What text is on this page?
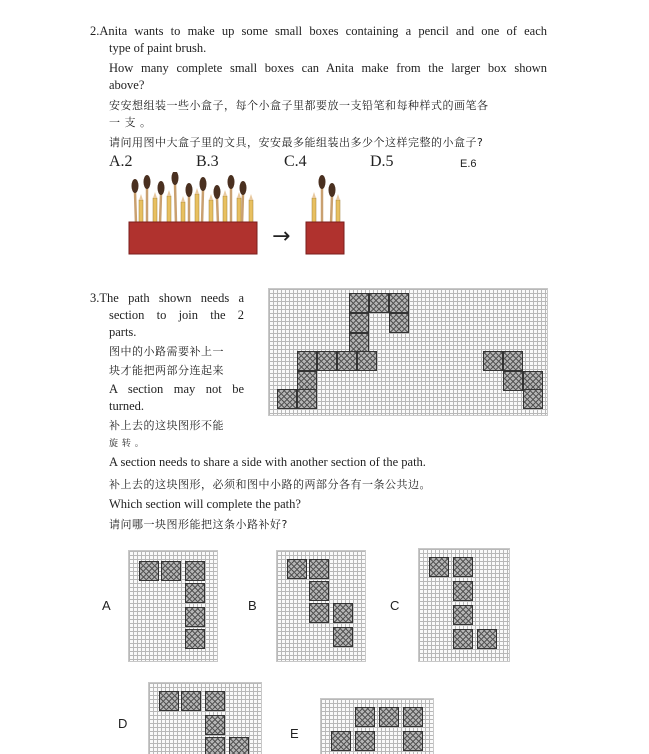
2.Anita wants to make up some small boxes containing a pencil and one of each
type of paint brush.
How many complete small boxes can Anita make from the larger box shown
above?
安安想组装一些小盒子，每个小盒子里都要放一支铅笔和每种样式的画笔各
一 支 。
请问用图中大盒子里的文具，安安最多能组装出多少个这样完整的小盒子?
A.2	B.3	C.4	D.5	E.6
→
3.The path shown needs a
section to join the 2
parts.
图中的小路需要补上一
块才能把两部分连起来
A section may not be
turned.
补上去的这块图形不能
旋 转 。
A section needs to share a side with another section of the path.
补上去的这块图形，必须和图中小路的两部分各有一条公共边。
Which section will complete the path?
请问哪一块图形能把这条小路补好?
A	B	C
D
E
